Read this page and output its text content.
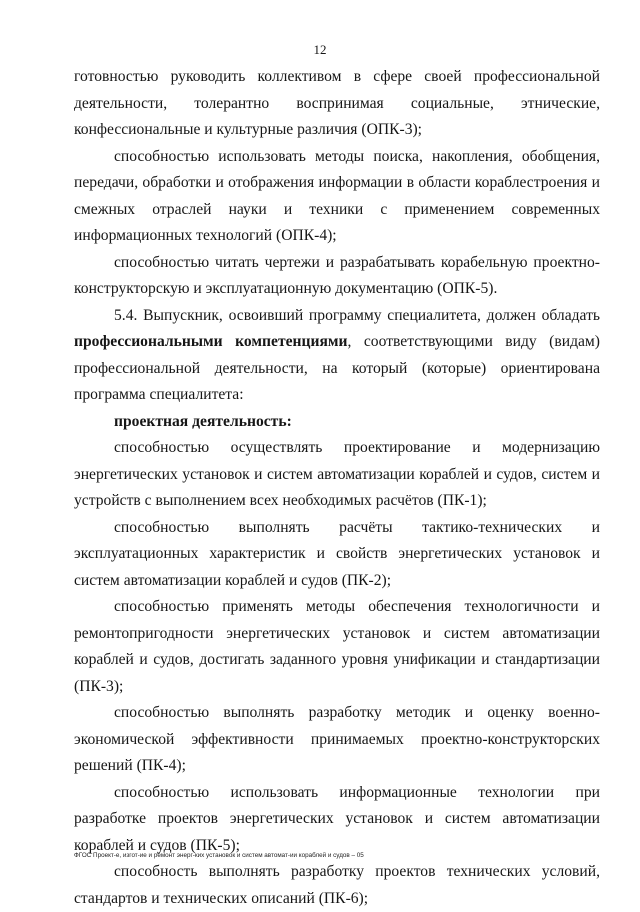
12

готовностью руководить коллективом в сфере своей профессиональной деятельности, толерантно воспринимая социальные, этнические, конфессиональные и культурные различия (ОПК-3);

способностью использовать методы поиска, накопления, обобщения, передачи, обработки и отображения информации в области кораблестроения и смежных отраслей науки и техники с применением современных информационных технологий (ОПК-4);

способностью читать чертежи и разрабатывать корабельную проектно-конструкторскую и эксплуатационную документацию (ОПК-5).

5.4. Выпускник, освоивший программу специалитета, должен обладать профессиональными компетенциями, соответствующими виду (видам) профессиональной деятельности, на который (которые) ориентирована программа специалитета:

проектная деятельность:

способностью осуществлять проектирование и модернизацию энергетических установок и систем автоматизации кораблей и судов, систем и устройств с выполнением всех необходимых расчётов (ПК-1);

способностью выполнять расчёты тактико-технических и эксплуатационных характеристик и свойств энергетических установок и систем автоматизации кораблей и судов (ПК-2);

способностью применять методы обеспечения технологичности и ремонтопригодности энергетических установок и систем автоматизации кораблей и судов, достигать заданного уровня унификации и стандартизации (ПК-3);

способностью выполнять разработку методик и оценку военно-экономической эффективности принимаемых проектно-конструкторских решений (ПК-4);

способностью использовать информационные технологии при разработке проектов энергетических установок и систем автоматизации кораблей и судов (ПК-5);

способность выполнять разработку проектов технических условий, стандартов и технических описаний (ПК-6);

ФГОС Проект-е, изгот-ие и ремонт энерг-ких установок и систем автомат-ии кораблей и судов – 05
